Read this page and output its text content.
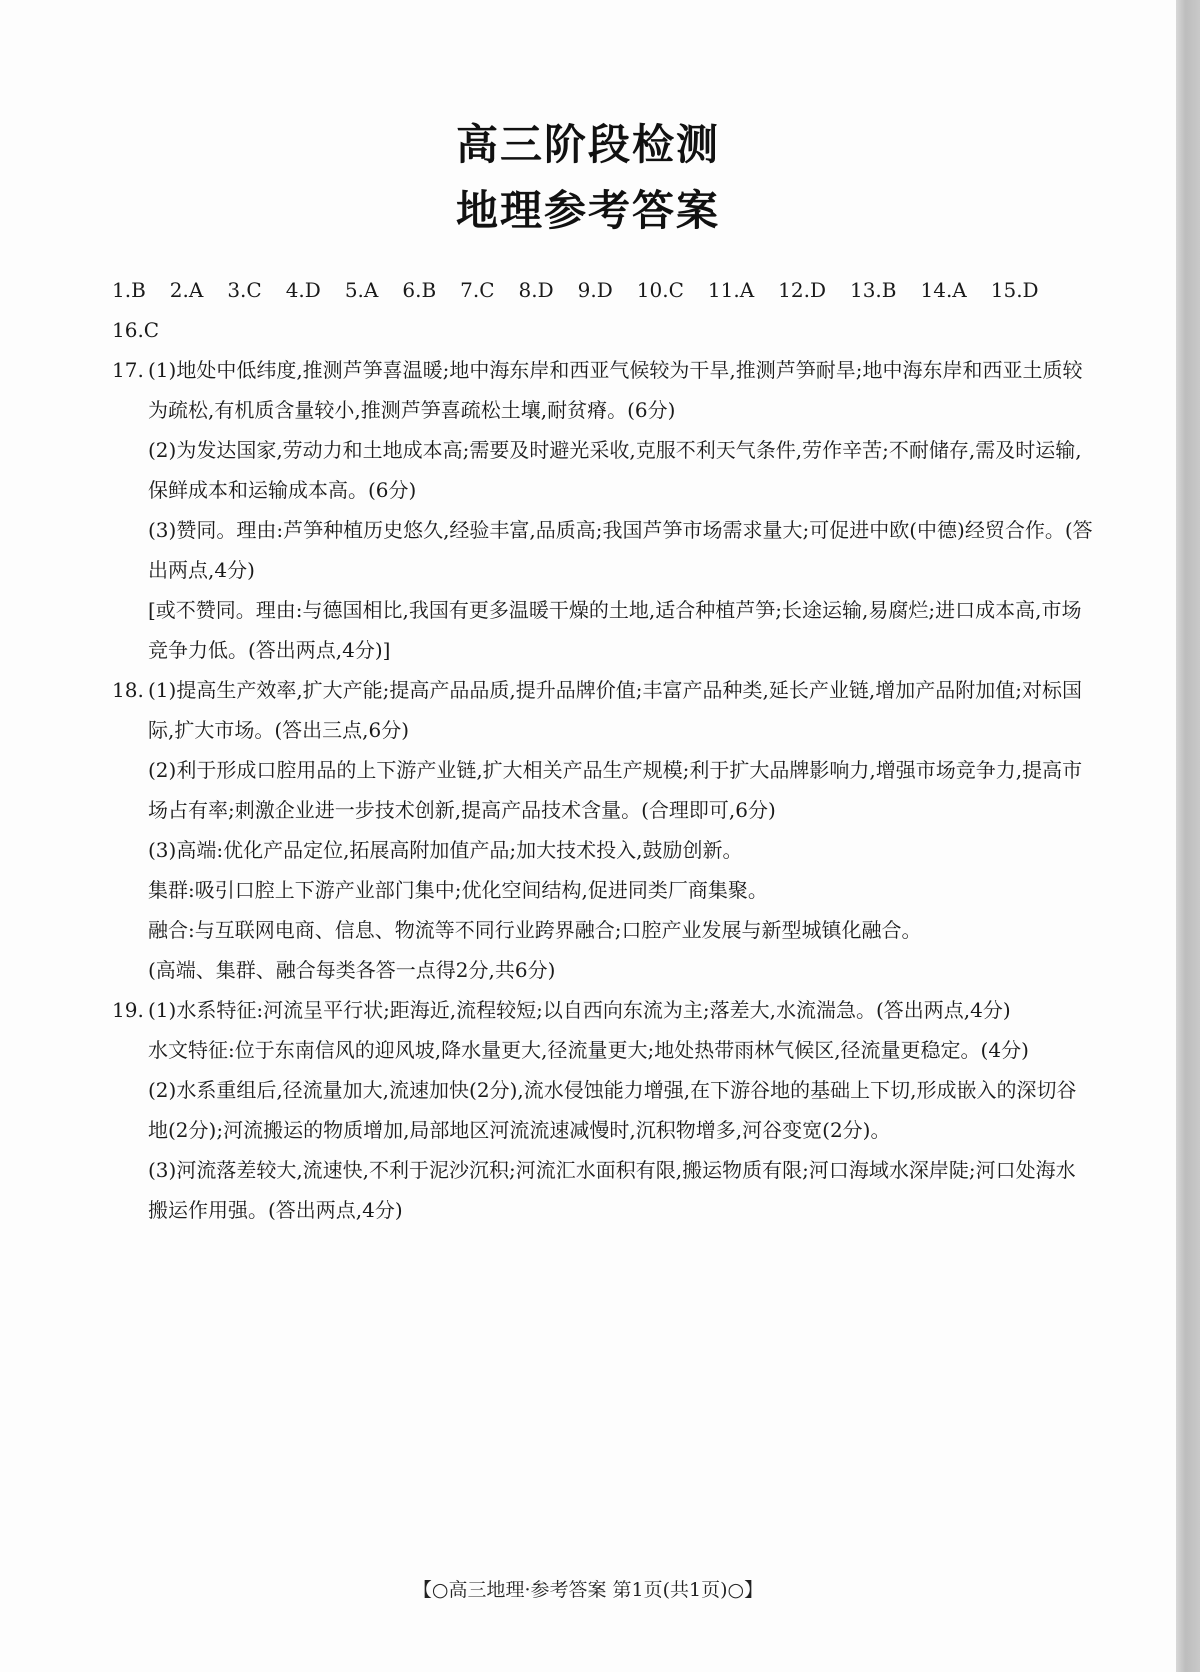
高三阶段检测
地理参考答案

1.B 2.A 3.C 4.D 5.A 6.B 7.C 8.D 9.D 10.C 11.A 12.D 13.B 14.A 15.D
16.C

17. (1)地处中低纬度,推测芦笋喜温暖;地中海东岸和西亚气候较为干旱,推测芦笋耐旱;地中海东岸和西亚土质较为疏松,有机质含量较小,推测芦笋喜疏松土壤,耐贫瘠。(6分)

(2)为发达国家,劳动力和土地成本高;需要及时避光采收,克服不利天气条件,劳作辛苦;不耐储存,需及时运输,保鲜成本和运输成本高。(6分)

(3)赞同。理由:芦笋种植历史悠久,经验丰富,品质高;我国芦笋市场需求量大;可促进中欧(中德)经贸合作。(答出两点,4分)

[或不赞同。理由:与德国相比,我国有更多温暖干燥的土地,适合种植芦笋;长途运输,易腐烂;进口成本高,市场竞争力低。(答出两点,4分)]

18. (1)提高生产效率,扩大产能;提高产品品质,提升品牌价值;丰富产品种类,延长产业链,增加产品附加值;对标国际,扩大市场。(答出三点,6分)

(2)利于形成口腔用品的上下游产业链,扩大相关产品生产规模;利于扩大品牌影响力,增强市场竞争力,提高市场占有率;刺激企业进一步技术创新,提高产品技术含量。(合理即可,6分)

(3)高端:优化产品定位,拓展高附加值产品;加大技术投入,鼓励创新。

集群:吸引口腔上下游产业部门集中;优化空间结构,促进同类厂商集聚。

融合:与互联网电商、信息、物流等不同行业跨界融合;口腔产业发展与新型城镇化融合。

(高端、集群、融合每类各答一点得2分,共6分)

19. (1)水系特征:河流呈平行状;距海近,流程较短;以自西向东流为主;落差大,水流湍急。(答出两点,4分)

水文特征:位于东南信风的迎风坡,降水量更大,径流量更大;地处热带雨林气候区,径流量更稳定。(4分)

(2)水系重组后,径流量加大,流速加快(2分),流水侵蚀能力增强,在下游谷地的基础上下切,形成嵌入的深切谷地(2分);河流搬运的物质增加,局部地区河流流速减慢时,沉积物增多,河谷变宽(2分)。

(3)河流落差较大,流速快,不利于泥沙沉积;河流汇水面积有限,搬运物质有限;河口海域水深岸陡;河口处海水搬运作用强。(答出两点,4分)

【○高三地理·参考答案 第1页(共1页)○】
